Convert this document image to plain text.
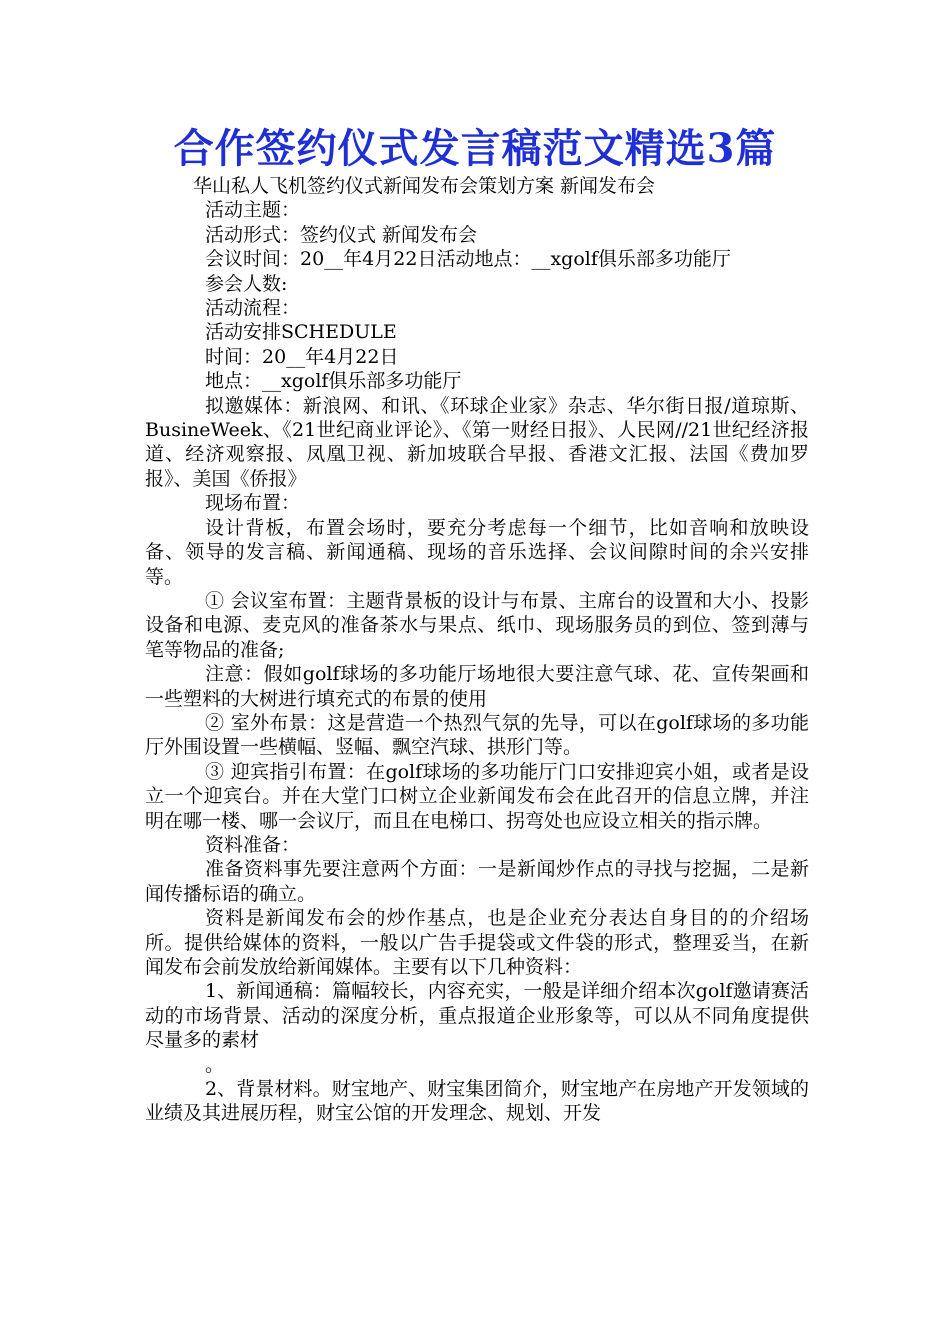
合作签约仪式发言稿范文精选3篇

华山私人飞机签约仪式新闻发布会策划方案 新闻发布会

活动主题：

活动形式：签约仪式 新闻发布会

会议时间：20__年4月22日活动地点：__xgolf俱乐部多功能厅

参会人数:

活动流程：

活动安排SCHEDULE

时间：20__年4月22日

地点：__xgolf俱乐部多功能厅

拟邀媒体：新浪网、和讯、《环球企业家》杂志、华尔街日报/道琼斯、BusineWeek、《21世纪商业评论》、《第一财经日报》、人民网//21世纪经济报道、经济观察报、凤凰卫视、新加坡联合早报、香港文汇报、法国《费加罗报》、美国《侨报》

现场布置：

设计背板，布置会场时，要充分考虑每一个细节，比如音响和放映设备、领导的发言稿、新闻通稿、现场的音乐选择、会议间隙时间的余兴安排等。

① 会议室布置：主题背景板的设计与布景、主席台的设置和大小、投影设备和电源、麦克风的准备茶水与果点、纸巾、现场服务员的到位、签到薄与笔等物品的准备;

注意：假如golf球场的多功能厅场地很大要注意气球、花、宣传架画和一些塑料的大树进行填充式的布景的使用

② 室外布景：这是营造一个热烈气氛的先导，可以在golf球场的多功能厅外围设置一些横幅、竖幅、飘空汽球、拱形门等。

③ 迎宾指引布置：在golf球场的多功能厅门口安排迎宾小姐，或者是设立一个迎宾台。并在大堂门口树立企业新闻发布会在此召开的信息立牌，并注明在哪一楼、哪一会议厅，而且在电梯口、拐弯处也应设立相关的指示牌。

资料准备：

准备资料事先要注意两个方面：一是新闻炒作点的寻找与挖掘，二是新闻传播标语的确立。

资料是新闻发布会的炒作基点，也是企业充分表达自身目的的介绍场所。提供给媒体的资料，一般以广告手提袋或文件袋的形式，整理妥当，在新闻发布会前发放给新闻媒体。主要有以下几种资料：

1、新闻通稿：篇幅较长，内容充实，一般是详细介绍本次golf邀请赛活动的市场背景、活动的深度分析，重点报道企业形象等，可以从不同角度提供尽量多的素材

。

2、背景材料。财宝地产、财宝集团简介，财宝地产在房地产开发领域的业绩及其进展历程，财宝公馆的开发理念、规划、开发
